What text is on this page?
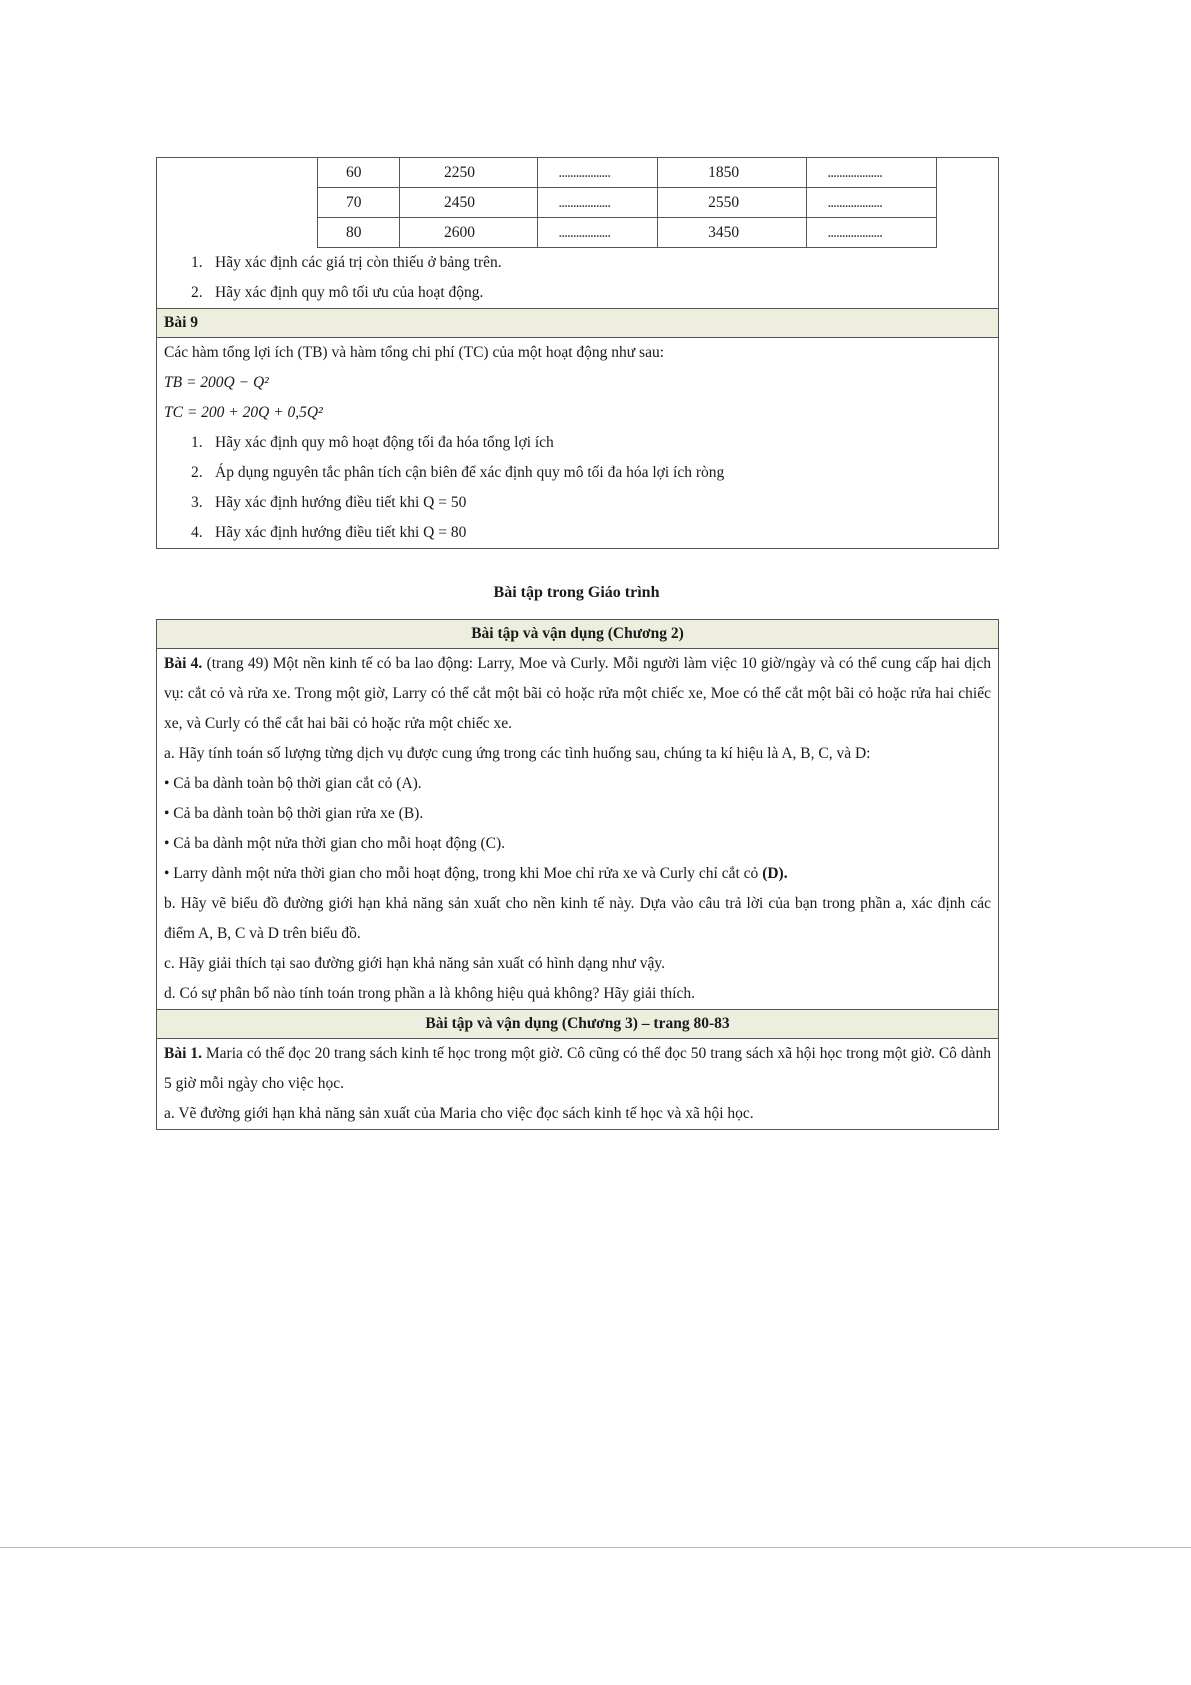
60	2250	..................	1850	...................
70	2450	..................	2550	...................
80	2600	..................	3450	...................
1. Hãy xác định các giá trị còn thiếu ở bảng trên.
2. Hãy xác định quy mô tối ưu của hoạt động.
Bài 9
Các hàm tổng lợi ích (TB) và hàm tổng chi phí (TC) của một hoạt động như sau:
TB = 200Q − Q²
TC = 200 + 20Q + 0,5Q²
1. Hãy xác định quy mô hoạt động tối đa hóa tổng lợi ích
2. Áp dụng nguyên tắc phân tích cận biên để xác định quy mô tối đa hóa lợi ích ròng
3. Hãy xác định hướng điều tiết khi Q = 50
4. Hãy xác định hướng điều tiết khi Q = 80
Bài tập trong Giáo trình
Bài tập và vận dụng (Chương 2)
Bài 4. (trang 49) Một nền kinh tế có ba lao động: Larry, Moe và Curly. Mỗi người làm việc 10 giờ/ngày và có thể cung cấp hai dịch vụ: cắt cỏ và rửa xe. Trong một giờ, Larry có thể cắt một bãi cỏ hoặc rửa một chiếc xe, Moe có thể cắt một bãi cỏ hoặc rửa hai chiếc xe, và Curly có thể cắt hai bãi cỏ hoặc rửa một chiếc xe.
a. Hãy tính toán số lượng từng dịch vụ được cung ứng trong các tình huống sau, chúng ta kí hiệu là A, B, C, và D:
• Cả ba dành toàn bộ thời gian cắt cỏ (A).
• Cả ba dành toàn bộ thời gian rửa xe (B).
• Cả ba dành một nửa thời gian cho mỗi hoạt động (C).
• Larry dành một nửa thời gian cho mỗi hoạt động, trong khi Moe chỉ rửa xe và Curly chỉ cắt cỏ (D).
b. Hãy vẽ biểu đồ đường giới hạn khả năng sản xuất cho nền kinh tế này. Dựa vào câu trả lời của bạn trong phần a, xác định các điểm A, B, C và D trên biểu đồ.
c. Hãy giải thích tại sao đường giới hạn khả năng sản xuất có hình dạng như vậy.
d. Có sự phân bổ nào tính toán trong phần a là không hiệu quả không? Hãy giải thích.
Bài tập và vận dụng (Chương 3) – trang 80-83
Bài 1. Maria có thể đọc 20 trang sách kinh tế học trong một giờ. Cô cũng có thể đọc 50 trang sách xã hội học trong một giờ. Cô dành 5 giờ mỗi ngày cho việc học.
a. Vẽ đường giới hạn khả năng sản xuất của Maria cho việc đọc sách kinh tế học và xã hội học.
